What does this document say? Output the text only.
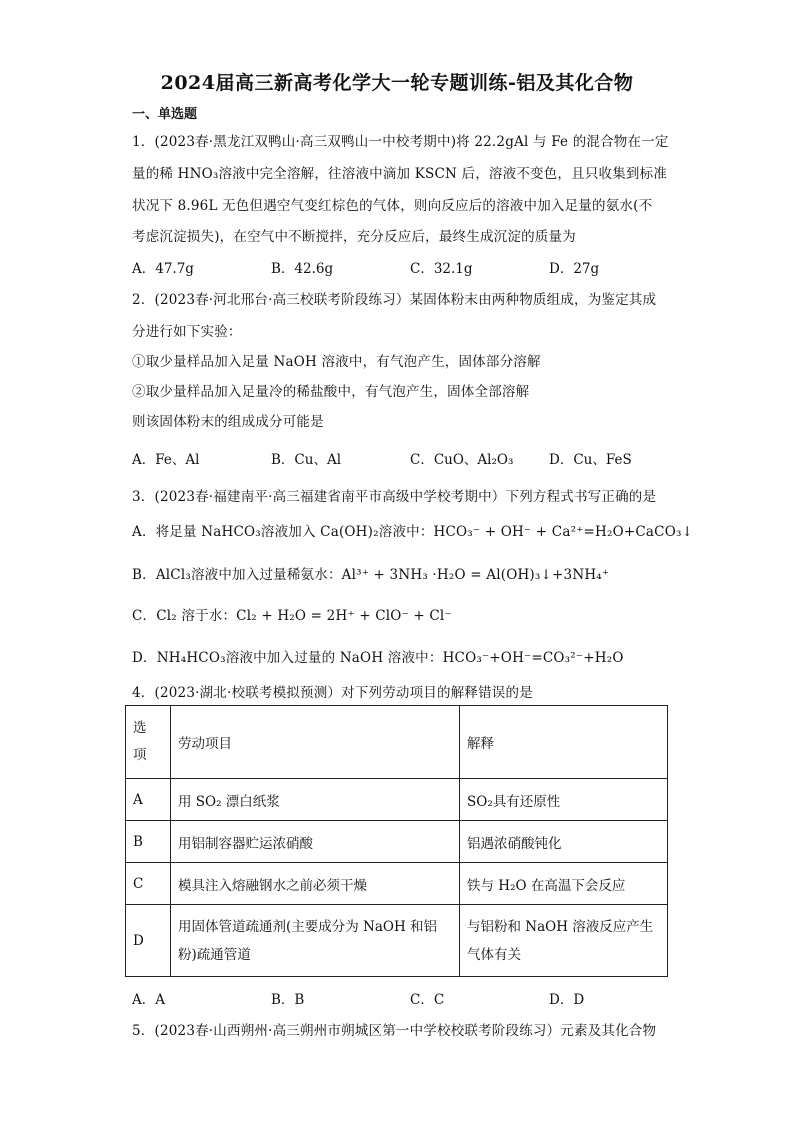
2024届高三新高考化学大一轮专题训练-铝及其化合物
一、单选题
1．(2023春·黑龙江双鸭山·高三双鸭山一中校考期中)将 22.2gAl 与 Fe 的混合物在一定
量的稀 HNO₃溶液中完全溶解，往溶液中滴加 KSCN 后，溶液不变色，且只收集到标准
状况下 8.96L 无色但遇空气变红棕色的气体，则向反应后的溶液中加入足量的氨水(不
考虑沉淀损失)，在空气中不断搅拌，充分反应后，最终生成沉淀的质量为
A．47.7g	B．42.6g	C．32.1g	D．27g
2．(2023春·河北邢台·高三校联考阶段练习）某固体粉末由两种物质组成，为鉴定其成
分进行如下实验：
①取少量样品加入足量 NaOH 溶液中，有气泡产生，固体部分溶解
②取少量样品加入足量冷的稀盐酸中，有气泡产生，固体全部溶解
则该固体粉末的组成成分可能是
A．Fe、Al	B．Cu、Al	C．CuO、Al₂O₃	D．Cu、FeS
3．(2023春·福建南平·高三福建省南平市高级中学校考期中）下列方程式书写正确的是
A．将足量 NaHCO₃溶液加入 Ca(OH)₂溶液中：HCO₃⁻ + OH⁻ + Ca²⁺=H₂O+CaCO₃↓
B．AlCl₃溶液中加入过量稀氨水：Al³⁺ + 3NH₃ ·H₂O = Al(OH)₃↓+3NH₄⁺
C．Cl₂ 溶于水：Cl₂ + H₂O = 2H⁺ + ClO⁻ + Cl⁻
D．NH₄HCO₃溶液中加入过量的 NaOH 溶液中：HCO₃⁻+OH⁻=CO₃²⁻+H₂O
4．(2023·湖北·校联考模拟预测）对下列劳动项目的解释错误的是
选项	劳动项目	解释
A	用 SO₂ 漂白纸浆	SO₂具有还原性
B	用铝制容器贮运浓硝酸	铝遇浓硝酸钝化
C	模具注入熔融钢水之前必须干燥	铁与 H₂O 在高温下会反应
D	用固体管道疏通剂(主要成分为 NaOH 和铝粉)疏通管道	与铝粉和 NaOH 溶液反应产生气体有关
A．A	B．B	C．C	D．D
5．(2023春·山西朔州·高三朔州市朔城区第一中学校校联考阶段练习）元素及其化合物
